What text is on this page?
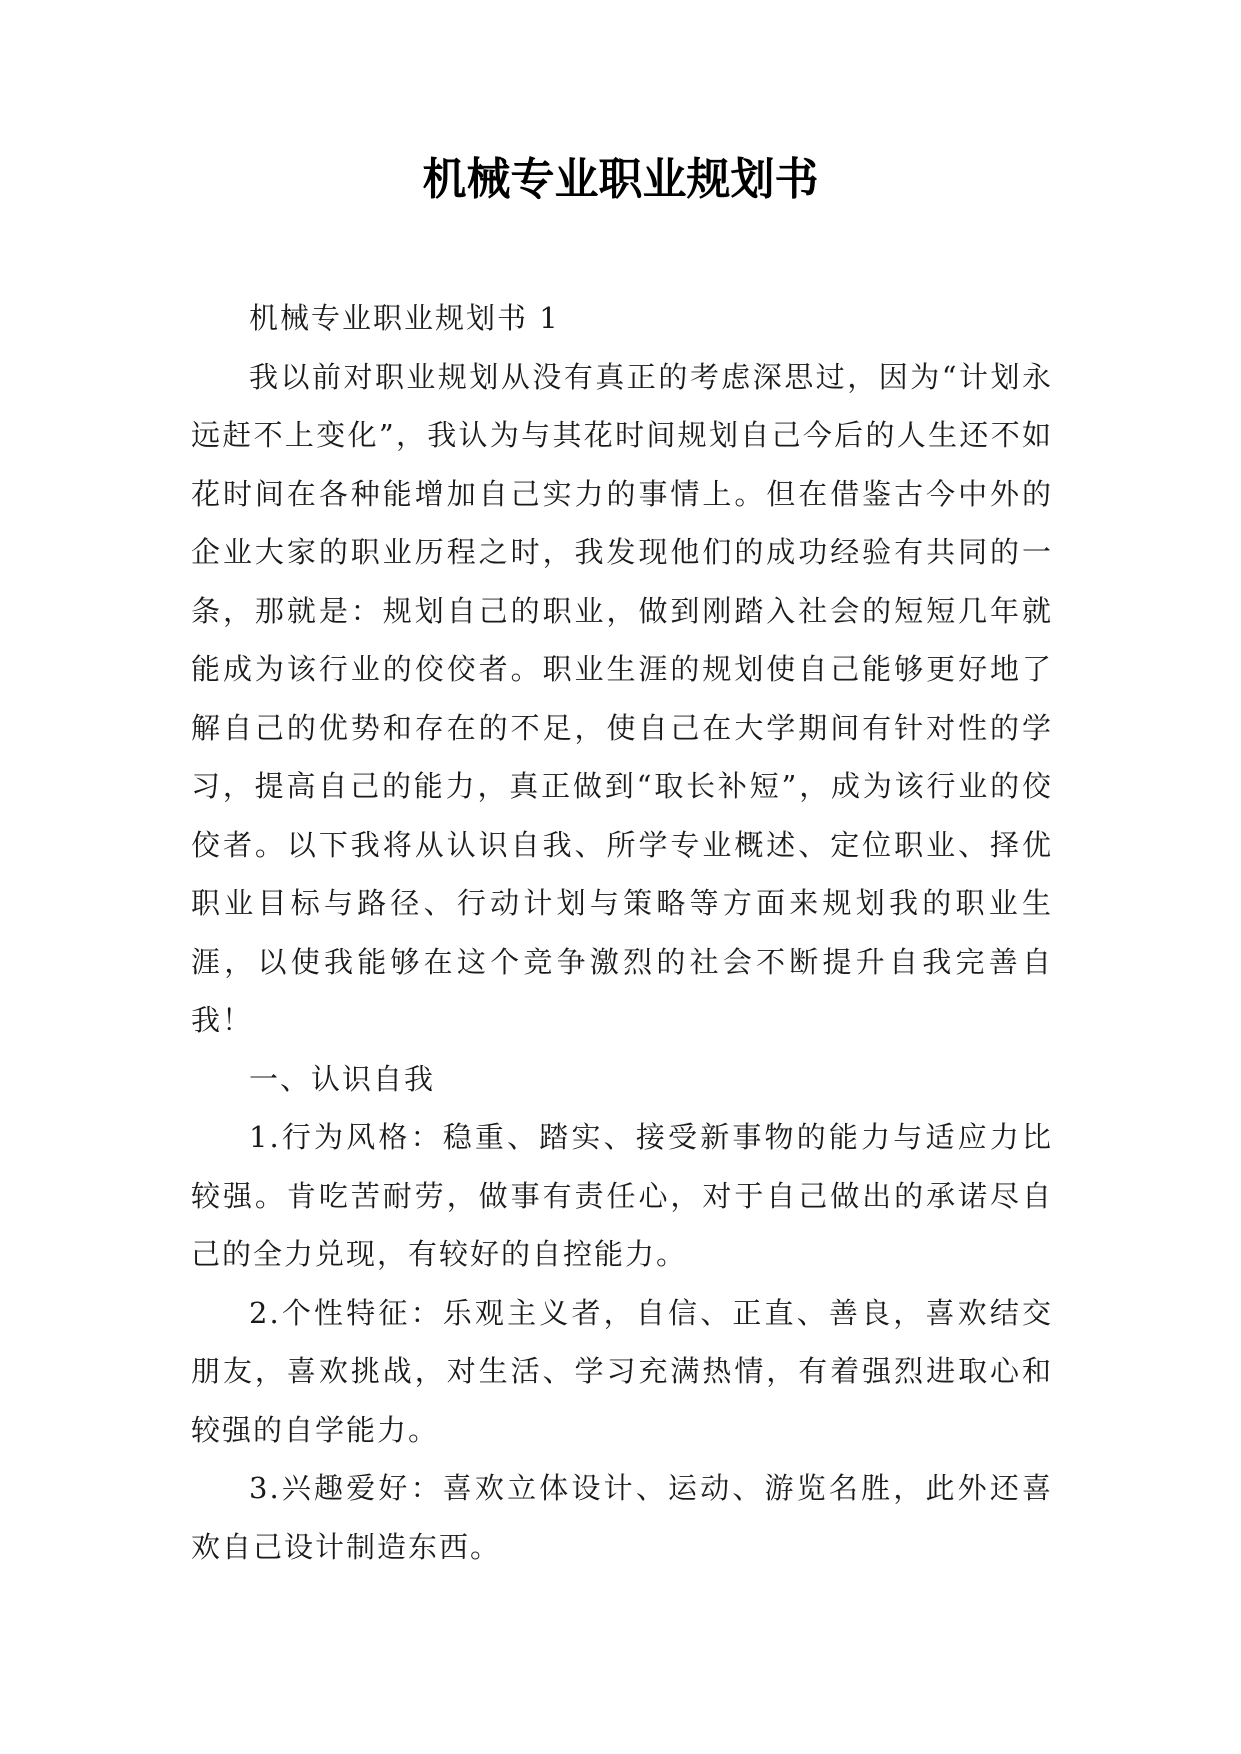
机械专业职业规划书

机械专业职业规划书 1

我以前对职业规划从没有真正的考虑深思过，因为“计划永远赶不上变化”，我认为与其花时间规划自己今后的人生还不如花时间在各种能增加自己实力的事情上。但在借鉴古今中外的企业大家的职业历程之时，我发现他们的成功经验有共同的一条，那就是：规划自己的职业，做到刚踏入社会的短短几年就能成为该行业的佼佼者。职业生涯的规划使自己能够更好地了解自己的优势和存在的不足，使自己在大学期间有针对性的学习，提高自己的能力，真正做到“取长补短”，成为该行业的佼佼者。以下我将从认识自我、所学专业概述、定位职业、择优职业目标与路径、行动计划与策略等方面来规划我的职业生涯，以使我能够在这个竞争激烈的社会不断提升自我完善自我！

一、认识自我

1.行为风格：稳重、踏实、接受新事物的能力与适应力比较强。肯吃苦耐劳，做事有责任心，对于自己做出的承诺尽自己的全力兑现，有较好的自控能力。

2.个性特征：乐观主义者，自信、正直、善良，喜欢结交朋友，喜欢挑战，对生活、学习充满热情，有着强烈进取心和较强的自学能力。

3.兴趣爱好：喜欢立体设计、运动、游览名胜，此外还喜欢自己设计制造东西。
